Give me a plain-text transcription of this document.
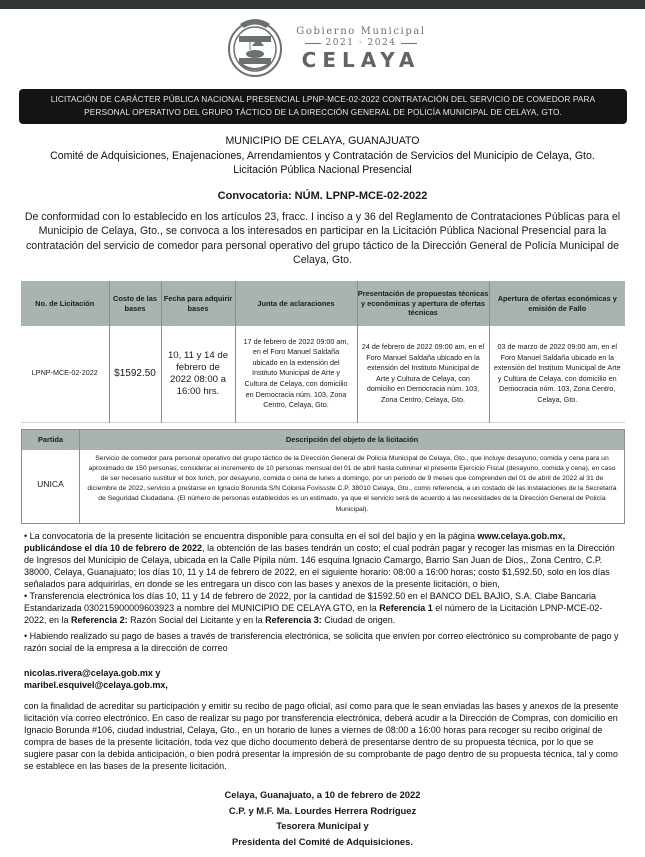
Gobierno Municipal
2021 · 2024
CELAYA
LICITACIÓN DE CARÁCTER PÚBLICA NACIONAL PRESENCIAL LPNP-MCE-02-2022 CONTRATACIÓN DEL SERVICIO DE COMEDOR PARA
PERSONAL OPERATIVO DEL GRUPO TÁCTICO DE LA DIRECCIÓN GENERAL DE POLICÍA MUNICIPAL DE CELAYA, GTO.
MUNICIPIO DE CELAYA, GUANAJUATO
Comité de Adquisiciones, Enajenaciones, Arrendamientos y Contratación de Servicios del Municipio de Celaya, Gto.
Licitación Pública Nacional Presencial
Convocatoria: NÚM. LPNP-MCE-02-2022
De conformidad con lo establecido en los artículos 23, fracc. I inciso a y 36 del Reglamento de Contrataciones Públicas para el Municipio de Celaya, Gto., se convoca a los interesados en participar en la Licitación Pública Nacional Presencial para la contratación del servicio de comedor para personal operativo del grupo táctico de la Dirección General de Policía Municipal de Celaya, Gto.
No. de Licitación	Costo de las bases	Fecha para adquirir bases	Junta de aclaraciones	Presentación de propuestas técnicas y económicas y apertura de ofertas técnicas	Apertura de ofertas económicas y emisión de Fallo
LPNP-MCE-02-2022	$1592.50	10, 11 y 14 de febrero de 2022 08:00 a 16:00 hrs.	17 de febrero de 2022 09:00 am, en el Foro Manuel Saldaña ubicado en la extensión del Instituto Municipal de Arte y Cultura de Celaya, con domicilio en Democracia núm. 103, Zona Centro, Celaya, Gto.	24 de febrero de 2022 09:00 am, en el Foro Manuel Saldaña ubicado en la extensión del Instituto Municipal de Arte y Cultura de Celaya, con domicilio en Democracia núm. 103, Zona Centro, Celaya, Gto.	03 de marzo de 2022 09:00 am, en el Foro Manuel Saldaña ubicado en la extensión del Instituto Municipal de Arte y Cultura de Celaya, con domicilio en Democracia núm. 103, Zona Centro, Celaya, Gto.
Partida	Descripción del objeto de la licitación
UNICA	Servicio de comedor para personal operativo del grupo táctico de la Dirección General de Policía Municipal de Celaya, Gto., que incluye desayuno, comida y cena para un aproximado de 150 personas, considerar el incremento de 10 personas mensual del 01 de abril hasta culminar el presente Ejercicio Fiscal (desayuno, comida y cena), en caso de ser necesario sustituir el box lunch, por desayuno, comida o cena de lunes a domingo, por un periodo de 9 meses que comprenden del 01 de abril de 2022 al 31 de diciembre de 2022, servicio a prestarse en Ignacio Borunda S/N Colonia Fovissste C.P. 38010 Celaya, Gto., como referencia, a un costado de las instalaciones de la Secretaría de Seguridad Ciudadana. (El número de personas establecidos es un estimado, ya que el servicio será de acuerdo a las necesidades de la Dirección General de Policía Municipal).
• La convocatoria de la presente licitación se encuentra disponible para consulta en el sol del bajío y en la página www.celaya.gob.mx, publicándose el día 10 de febrero de 2022, la obtención de las bases tendrán un costo; el cual podrán pagar y recoger las mismas en la Dirección de Ingresos del Municipio de Celaya, ubicada en la Calle Pípila núm. 146 esquina Ignacio Camargo, Barrio San Juan de Dios,, Zona Centro, C.P. 38000, Celaya, Guanajuato; los días 10, 11 y 14 de febrero de 2022, en el siguiente horario: 08:00 a 16:00 horas; costo $1,592.50, solo en los días señalados para adquirirlas, en donde se les entregara un disco con las bases y anexos de la presente licitación, o bien,
• Transferencia electrónica los días 10, 11 y 14 de febrero de 2022, por la cantidad de $1592.50 en el BANCO DEL BAJIO, S.A. Clabe Bancaria Estandarizada 030215900009603923 a nombre del MUNICIPIO DE CELAYA GTO, en la Referencia 1 el número de la Licitación LPNP-MCE-02-2022, en la Referencia 2: Razón Social del Licitante y en la Referencia 3: Ciudad de origen.
• Habiendo realizado su pago de bases a través de transferencia electrónica, se solicita que envíen por correo electrónico su comprobante de pago y razón social de la empresa a la dirección de correo
nicolas.rivera@celaya.gob.mx y
maribel.esquivel@celaya.gob.mx,
con la finalidad de acreditar su participación y emitir su recibo de pago oficial, así como para que le sean enviadas las bases y anexos de la presente licitación vía correo electrónico. En caso de realizar su pago por transferencia electrónica, deberá acudir a la Dirección de Compras, con domicilio en Ignacio Borunda #106, ciudad industrial, Celaya, Gto., en un horario de lunes a viernes de 08:00 a 16:00 horas para recoger su recibo original de compra de bases de la presente licitación, toda vez que dicho documento deberá de presentarse dentro de su propuesta técnica, por lo que se sugiere pasar con la debida anticipación, o bien podrá presentar la impresión de su comprobante de pago dentro de su propuesta técnica, tal y como se establece en las bases de la presente licitación.
Celaya, Guanajuato, a 10 de febrero de 2022
C.P. y M.F. Ma. Lourdes Herrera Rodríguez
Tesorera Municipal y
Presidenta del Comité de Adquisiciones.
